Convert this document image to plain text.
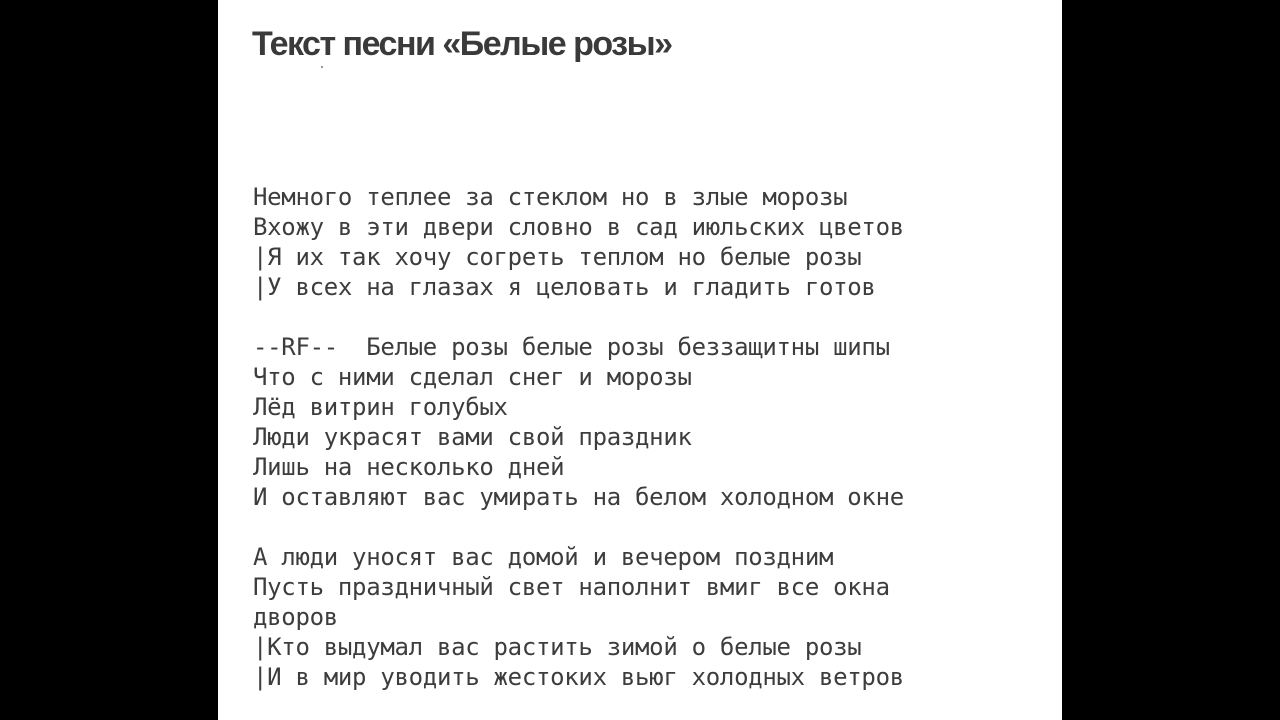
Текст песни «Белые розы»
Немного теплее за стеклом но в злые морозы
Вхожу в эти двери словно в сад июльских цветов
|Я их так хочу согреть теплом но белые розы
|У всех на глазах я целовать и гладить готов
--RF--  Белые розы белые розы беззащитны шипы
Что с ними сделал снег и морозы
Лёд витрин голубых
Люди украсят вами свой праздник
Лишь на несколько дней
И оставляют вас умирать на белом холодном окне
А люди уносят вас домой и вечером поздним
Пусть праздничный свет наполнит вмиг все окна
дворов
|Кто выдумал вас растить зимой о белые розы
|И в мир уводить жестоких вьюг холодных ветров
